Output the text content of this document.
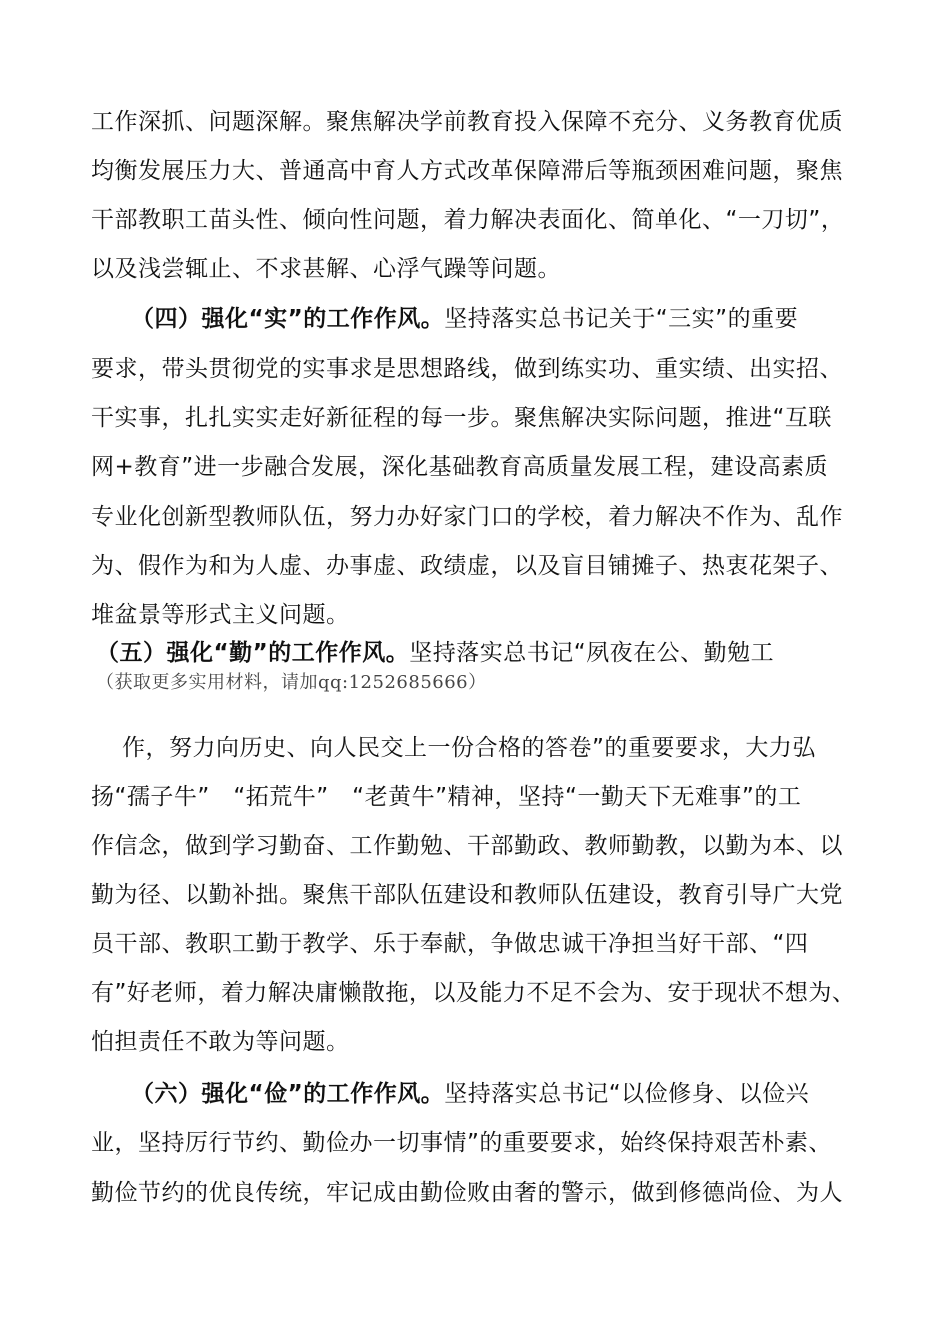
工作深抓、问题深解。聚焦解决学前教育投入保障不充分、义务教育优质
均衡发展压力大、普通高中育人方式改革保障滞后等瓶颈困难问题，聚焦
干部教职工苗头性、倾向性问题，着力解决表面化、简单化、“一刀切”，
以及浅尝辄止、不求甚解、心浮气躁等问题。
（四）强化“实”的工作作风。坚持落实总书记关于“三实”的重要
要求，带头贯彻党的实事求是思想路线，做到练实功、重实绩、出实招、
干实事，扎扎实实走好新征程的每一步。聚焦解决实际问题，推进“互联
网+教育”进一步融合发展，深化基础教育高质量发展工程，建设高素质
专业化创新型教师队伍，努力办好家门口的学校，着力解决不作为、乱作
为、假作为和为人虚、办事虚、政绩虚，以及盲目铺摊子、热衷花架子、
堆盆景等形式主义问题。
（五）强化“勤”的工作作风。坚持落实总书记“夙夜在公、勤勉工
（获取更多实用材料，请加qq:1252685666）
作，努力向历史、向人民交上一份合格的答卷”的重要要求，大力弘
扬“孺子牛”　“拓荒牛”　“老黄牛”精神，坚持“一勤天下无难事”的工
作信念，做到学习勤奋、工作勤勉、干部勤政、教师勤教，以勤为本、以
勤为径、以勤补拙。聚焦干部队伍建设和教师队伍建设，教育引导广大党
员干部、教职工勤于教学、乐于奉献，争做忠诚干净担当好干部、“四
有”好老师，着力解决庸懒散拖，以及能力不足不会为、安于现状不想为、
怕担责任不敢为等问题。
（六）强化“俭”的工作作风。坚持落实总书记“以俭修身、以俭兴
业，坚持厉行节约、勤俭办一切事情”的重要要求，始终保持艰苦朴素、
勤俭节约的优良传统，牢记成由勤俭败由奢的警示，做到修德尚俭、为人
